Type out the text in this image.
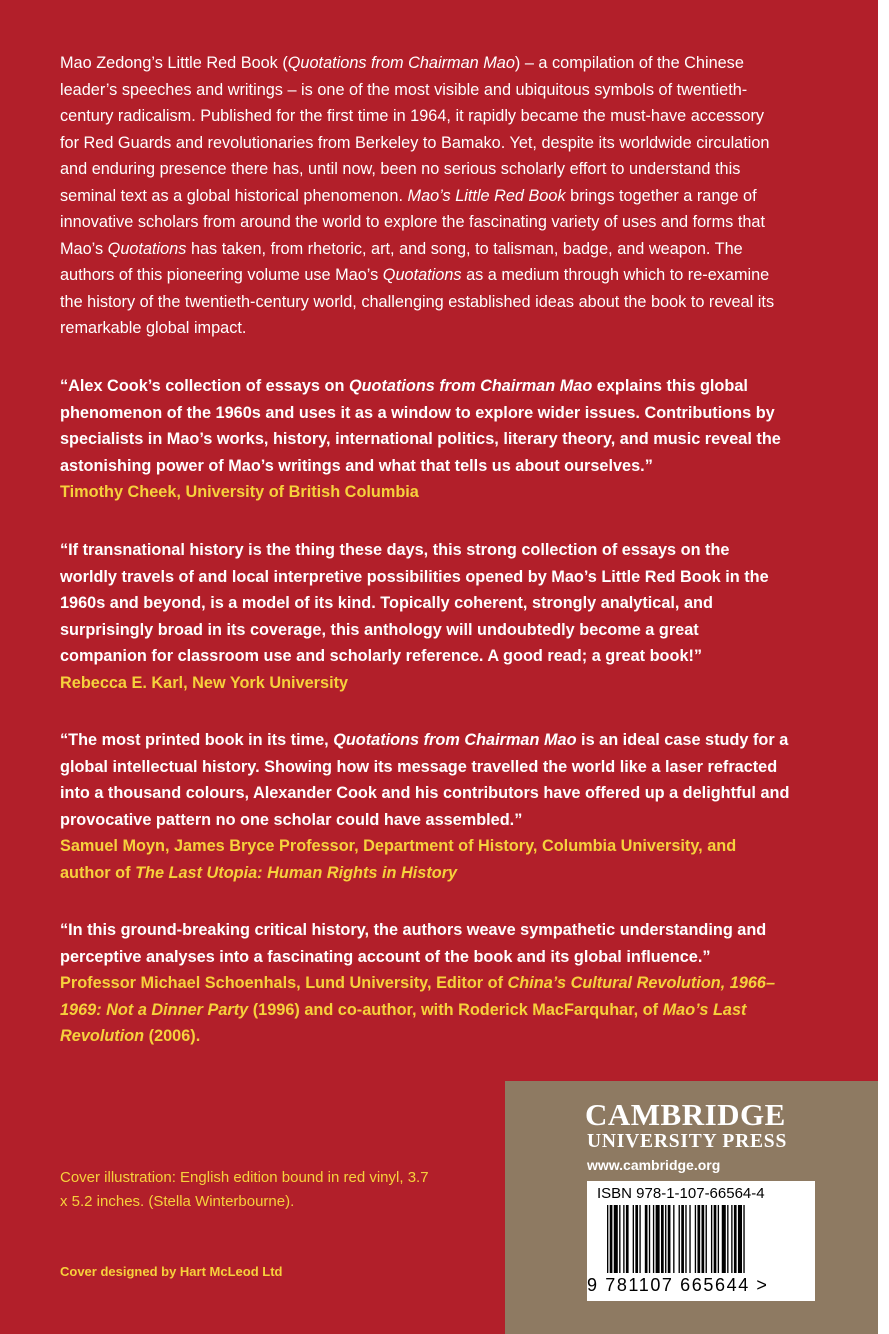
Mao Zedong’s Little Red Book (Quotations from Chairman Mao) – a compilation of the Chinese leader’s speeches and writings – is one of the most visible and ubiquitous symbols of twentieth-century radicalism. Published for the first time in 1964, it rapidly became the must-have accessory for Red Guards and revolutionaries from Berkeley to Bamako. Yet, despite its worldwide circulation and enduring presence there has, until now, been no serious scholarly effort to understand this seminal text as a global historical phenomenon. Mao’s Little Red Book brings together a range of innovative scholars from around the world to explore the fascinating variety of uses and forms that Mao’s Quotations has taken, from rhetoric, art, and song, to talisman, badge, and weapon. The authors of this pioneering volume use Mao’s Quotations as a medium through which to re-examine the history of the twentieth-century world, challenging established ideas about the book to reveal its remarkable global impact.

“Alex Cook’s collection of essays on Quotations from Chairman Mao explains this global phenomenon of the 1960s and uses it as a window to explore wider issues. Contributions by specialists in Mao’s works, history, international politics, literary theory, and music reveal the astonishing power of Mao’s writings and what that tells us about ourselves.”
Timothy Cheek, University of British Columbia

“If transnational history is the thing these days, this strong collection of essays on the worldly travels of and local interpretive possibilities opened by Mao’s Little Red Book in the 1960s and beyond, is a model of its kind. Topically coherent, strongly analytical, and surprisingly broad in its coverage, this anthology will undoubtedly become a great companion for classroom use and scholarly reference. A good read; a great book!”
Rebecca E. Karl, New York University

“The most printed book in its time, Quotations from Chairman Mao is an ideal case study for a global intellectual history. Showing how its message travelled the world like a laser refracted into a thousand colours, Alexander Cook and his contributors have offered up a delightful and provocative pattern no one scholar could have assembled.”
Samuel Moyn, James Bryce Professor, Department of History, Columbia University, and author of The Last Utopia: Human Rights in History

“In this ground-breaking critical history, the authors weave sympathetic understanding and perceptive analyses into a fascinating account of the book and its global influence.”
Professor Michael Schoenhals, Lund University, Editor of China’s Cultural Revolution, 1966–1969: Not a Dinner Party (1996) and co-author, with Roderick MacFarquhar, of Mao’s Last Revolution (2006).

Cover illustration: English edition bound in red vinyl, 3.7 x 5.2 inches. (Stella Winterbourne).

Cover designed by Hart McLeod Ltd
CAMBRIDGE
UNIVERSITY PRESS
www.cambridge.org
ISBN 978-1-107-66564-4
9 781107 665644 >
